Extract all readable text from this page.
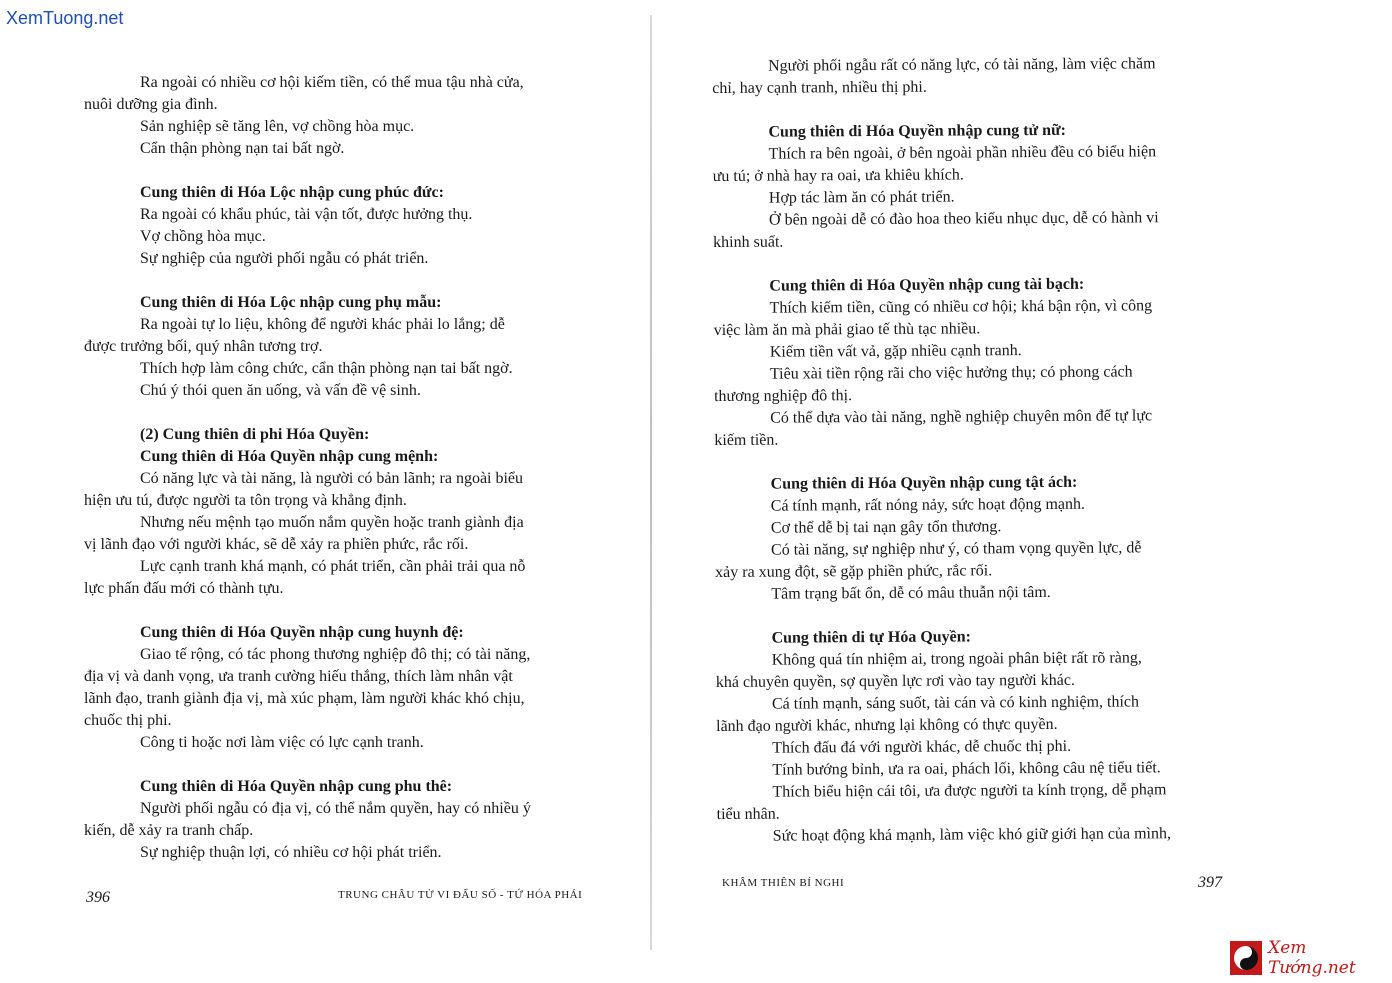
XemTuong.net

Ra ngoài có nhiều cơ hội kiếm tiền, có thể mua tậu nhà cửa,

nuôi dưỡng gia đình.

Sản nghiệp sẽ tăng lên, vợ chồng hòa mục.

Cẩn thận phòng nạn tai bất ngờ.

Cung thiên di Hóa Lộc nhập cung phúc đức:

Ra ngoài có khẩu phúc, tài vận tốt, được hưởng thụ.

Vợ chồng hòa mục.

Sự nghiệp của người phối ngẫu có phát triển.

Cung thiên di Hóa Lộc nhập cung phụ mẫu:

Ra ngoài tự lo liệu, không để người khác phải lo lắng; dễ

được trưởng bối, quý nhân tương trợ.

Thích hợp làm công chức, cẩn thận phòng nạn tai bất ngờ.

Chú ý thói quen ăn uống, và vấn đề vệ sinh.

(2) Cung thiên di phi Hóa Quyền:

Cung thiên di Hóa Quyền nhập cung mệnh:

Có năng lực và tài năng, là người có bản lãnh; ra ngoài biểu

hiện ưu tú, được người ta tôn trọng và khẳng định.

Nhưng nếu mệnh tạo muốn nắm quyền hoặc tranh giành địa

vị lãnh đạo với người khác, sẽ dễ xảy ra phiền phức, rắc rối.

Lực cạnh tranh khá mạnh, có phát triển, cần phải trải qua nỗ

lực phấn đấu mới có thành tựu.

Cung thiên di Hóa Quyền nhập cung huynh đệ:

Giao tế rộng, có tác phong thương nghiệp đô thị; có tài năng,

địa vị và danh vọng, ưa tranh cường hiếu thắng, thích làm nhân vật

lãnh đạo, tranh giành địa vị, mà xúc phạm, làm người khác khó chịu,

chuốc thị phi.

Công ti hoặc nơi làm việc có lực cạnh tranh.

Cung thiên di Hóa Quyền nhập cung phu thê:

Người phối ngẫu có địa vị, có thể nắm quyền, hay có nhiều ý

kiến, dễ xảy ra tranh chấp.

Sự nghiệp thuận lợi, có nhiều cơ hội phát triển.

396	TRUNG CHÂU TỬ VI ĐẨU SỐ - TỨ HÓA PHÁI

Người phối ngẫu rất có năng lực, có tài năng, làm việc chăm

chỉ, hay cạnh tranh, nhiều thị phi.

Cung thiên di Hóa Quyền nhập cung tử nữ:

Thích ra bên ngoài, ở bên ngoài phần nhiều đều có biểu hiện

ưu tú; ở nhà hay ra oai, ưa khiêu khích.

Hợp tác làm ăn có phát triển.

Ở bên ngoài dễ có đào hoa theo kiểu nhục dục, dễ có hành vi

khinh suất.

Cung thiên di Hóa Quyền nhập cung tài bạch:

Thích kiếm tiền, cũng có nhiều cơ hội; khá bận rộn, vì công

việc làm ăn mà phải giao tế thù tạc nhiều.

Kiếm tiền vất vả, gặp nhiều cạnh tranh.

Tiêu xài tiền rộng rãi cho việc hưởng thụ; có phong cách

thương nghiệp đô thị.

Có thể dựa vào tài năng, nghề nghiệp chuyên môn để tự lực

kiếm tiền.

Cung thiên di Hóa Quyền nhập cung tật ách:

Cá tính mạnh, rất nóng nảy, sức hoạt động mạnh.

Cơ thể dễ bị tai nạn gây tổn thương.

Có tài năng, sự nghiệp như ý, có tham vọng quyền lực, dễ

xảy ra xung đột, sẽ gặp phiền phức, rắc rối.

Tâm trạng bất ổn, dễ có mâu thuẫn nội tâm.

Cung thiên di tự Hóa Quyền:

Không quá tín nhiệm ai, trong ngoài phân biệt rất rõ ràng,

khá chuyên quyền, sợ quyền lực rơi vào tay người khác.

Cá tính mạnh, sáng suốt, tài cán và có kinh nghiệm, thích

lãnh đạo người khác, nhưng lại không có thực quyền.

Thích đấu đá với người khác, dễ chuốc thị phi.

Tính bướng bỉnh, ưa ra oai, phách lối, không câu nệ tiểu tiết.

Thích biểu hiện cái tôi, ưa được người ta kính trọng, dễ phạm

tiểu nhân.

Sức hoạt động khá mạnh, làm việc khó giữ giới hạn của mình,

KHÂM THIÊN BÍ NGHI	397
Xem Tướng.net
